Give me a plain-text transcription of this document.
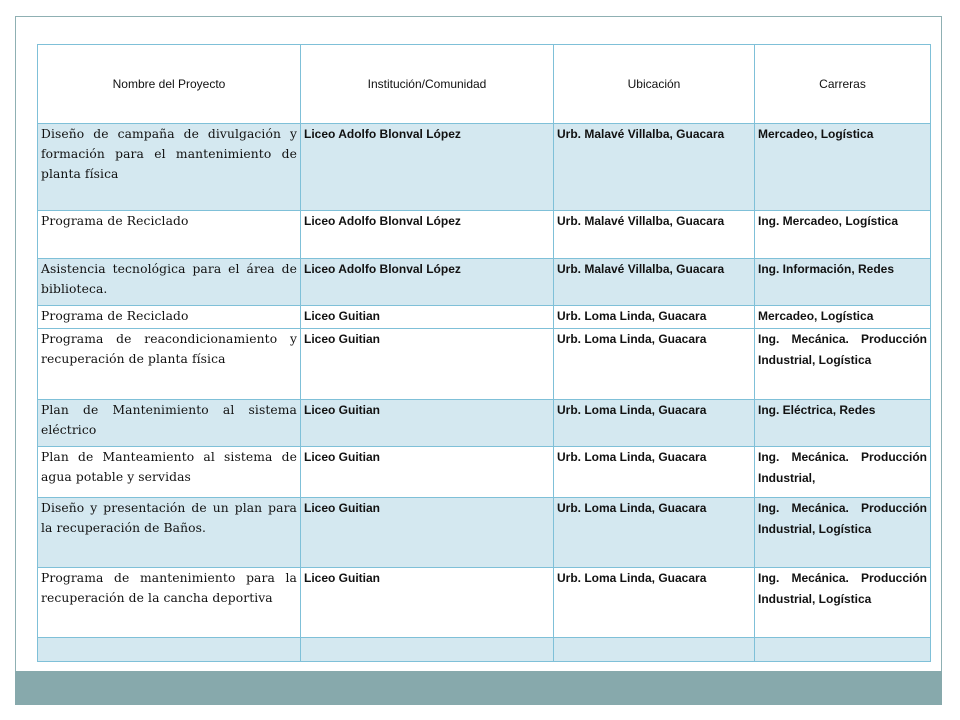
Nombre del Proyecto	Institución/Comunidad	Ubicación	Carreras
Diseño de campaña de divulgación y formación para el mantenimiento de planta física	Liceo Adolfo Blonval López	Urb. Malavé Villalba, Guacara	Mercadeo, Logística
Programa de Reciclado	Liceo Adolfo Blonval López	Urb. Malavé Villalba, Guacara	Ing. Mercadeo, Logística
Asistencia tecnológica para el área de biblioteca.	Liceo Adolfo Blonval López	Urb. Malavé Villalba, Guacara	Ing. Información, Redes
Programa de Reciclado	Liceo Guitian	Urb. Loma Linda, Guacara	Mercadeo, Logística
Programa de reacondicionamiento y recuperación de planta física	Liceo Guitian	Urb. Loma Linda, Guacara	Ing. Mecánica. Producción Industrial, Logística
Plan de Mantenimiento al sistema eléctrico	Liceo Guitian	Urb. Loma Linda, Guacara	Ing. Eléctrica, Redes
Plan de Manteamiento al sistema de agua potable y servidas	Liceo Guitian	Urb. Loma Linda, Guacara	Ing. Mecánica. Producción Industrial,
Diseño y presentación de un plan para la recuperación de Baños.	Liceo Guitian	Urb. Loma Linda, Guacara	Ing. Mecánica. Producción Industrial, Logística
Programa de mantenimiento para la recuperación de la cancha deportiva	Liceo Guitian	Urb. Loma Linda, Guacara	Ing. Mecánica. Producción Industrial, Logística
